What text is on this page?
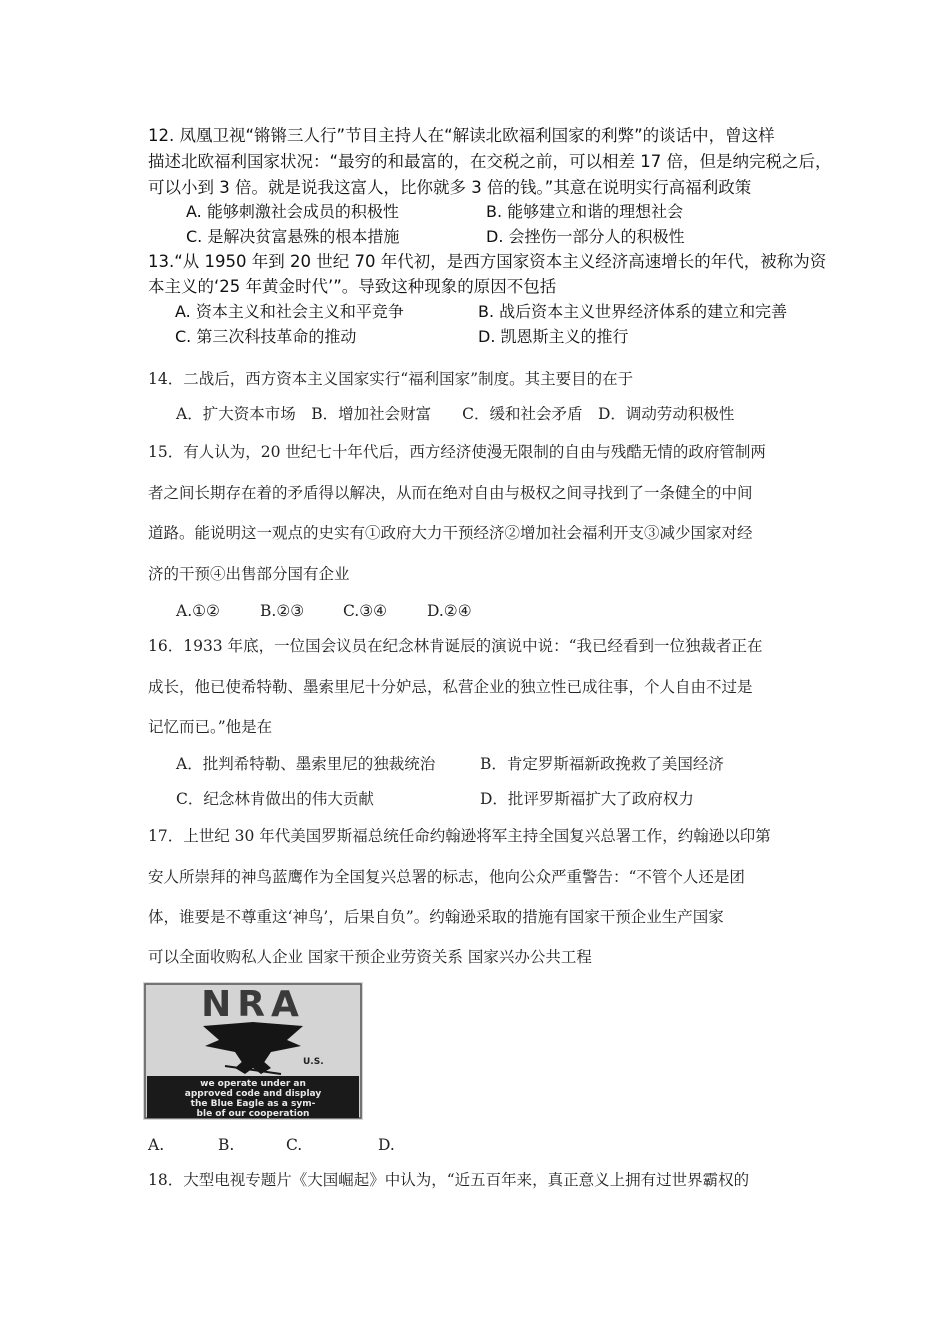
12. 凤凰卫视“锵锵三人行”节目主持人在“解读北欧福利国家的利弊”的谈话中，曾这样
描述北欧福利国家状况：“最穷的和最富的，在交税之前，可以相差 17 倍，但是纳完税之后，
可以小到 3 倍。就是说我这富人，比你就多 3 倍的钱。”其意在说明实行高福利政策
A. 能够刺激社会成员的积极性	B. 能够建立和谐的理想社会
C. 是解决贫富悬殊的根本措施	D. 会挫伤一部分人的积极性
13.“从 1950 年到 20 世纪 70 年代初，是西方国家资本主义经济高速增长的年代，被称为资
本主义的‘25 年黄金时代’”。导致这种现象的原因不包括
A. 资本主义和社会主义和平竞争	B. 战后资本主义世界经济体系的建立和完善
C. 第三次科技革命的推动	D. 凯恩斯主义的推行
14．二战后，西方资本主义国家实行“福利国家”制度。其主要目的在于
A．扩大资本市场　B．增加社会财富　　C．缓和社会矛盾　D．调动劳动积极性
15．有人认为，20 世纪七十年代后，西方经济使漫无限制的自由与残酷无情的政府管制两
者之间长期存在着的矛盾得以解决，从而在绝对自由与极权之间寻找到了一条健全的中间
道路。能说明这一观点的史实有①政府大力干预经济②增加社会福利开支③减少国家对经
济的干预④出售部分国有企业
A.①②	B.②③	C.③④	D.②④
16．1933 年底，一位国会议员在纪念林肯诞辰的演说中说：“我已经看到一位独裁者正在
成长，他已使希特勒、墨索里尼十分妒忌，私营企业的独立性已成往事，个人自由不过是
记忆而已。”他是在
A．批判希特勒、墨索里尼的独裁统治	B．肯定罗斯福新政挽救了美国经济
C．纪念林肯做出的伟大贡献	D．批评罗斯福扩大了政府权力
17．上世纪 30 年代美国罗斯福总统任命约翰逊将军主持全国复兴总署工作，约翰逊以印第
安人所崇拜的神鸟蓝鹰作为全国复兴总署的标志，他向公众严重警告：“不管个人还是团
体，谁要是不尊重这‘神鸟’，后果自负”。约翰逊采取的措施有国家干预企业生产国家
可以全面收购私人企业 国家干预企业劳资关系 国家兴办公共工程
NRA
U.S.
we operate under an
approved code and display
the Blue Eagle as a sym-
ble of our cooperation
A.	B.	C.	D.
18．大型电视专题片《大国崛起》中认为，“近五百年来，真正意义上拥有过世界霸权的
